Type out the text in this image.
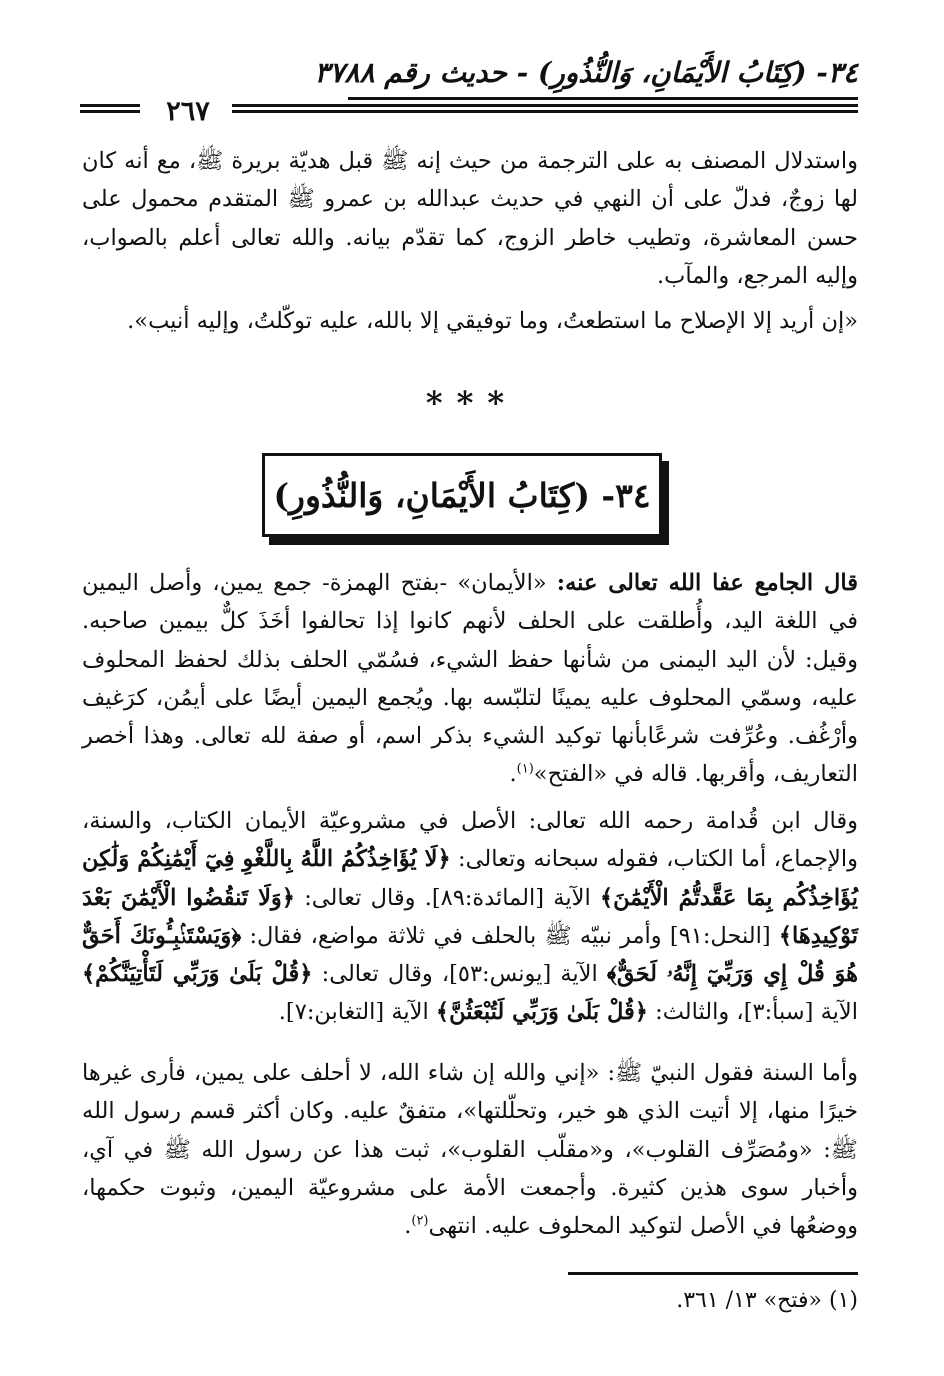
٣٤- (كِتَابُ الأَيْمَانِ، وَالنُّذُورِ) - حديث رقم ٣٧٨٨
٢٦٧
واستدلال المصنف به على الترجمة من حيث إنه ﷺ قبل هديّة بريرة ﷺ، مع أنه كان لها زوجٌ، فدلّ على أن النهي في حديث عبدالله بن عمرو ﷺ المتقدم محمول على حسن المعاشرة، وتطيب خاطر الزوج، كما تقدّم بيانه. والله تعالى أعلم بالصواب، وإليه المرجع، والمآب.
«إن أريد إلا الإصلاح ما استطعتُ، وما توفيقي إلا بالله، عليه توكّلتُ، وإليه أنيب».
***
٣٤- (كِتَابُ الأَيْمَانِ، وَالنُّذُورِ)
قال الجامع عفا الله تعالى عنه: «الأيمان» -بفتح الهمزة- جمع يمين، وأصل اليمين في اللغة اليد، وأُطلقت على الحلف لأنهم كانوا إذا تحالفوا أخَذَ كلٌّ بيمين صاحبه. وقيل: لأن اليد اليمنى من شأنها حفظ الشيء، فسُمّي الحلف بذلك لحفظ المحلوف عليه، وسمّي المحلوف عليه يمينًا لتلبّسه بها. ويُجمع اليمين أيضًا على أيمُن، كرَغيف وأرْغُف. وعُرِّفت شرعًابأنها توكيد الشيء بذكر اسم، أو صفة لله تعالى. وهذا أخصر التعاريف، وأقربها. قاله في «الفتح»$^{(١)}$.
وقال ابن قُدامة رحمه الله تعالى: الأصل في مشروعيّة الأيمان الكتاب، والسنة، والإجماع، أما الكتاب، فقوله سبحانه وتعالى: ﴿لَا يُؤَاخِذُكُمُ اللَّهُ بِاللَّغْوِ فِيٓ أَيْمَٰنِكُمْ وَلَٰكِن يُؤَاخِذُكُم بِمَا عَقَّدتُّمُ الْأَيْمَٰنَ﴾ الآية [المائدة:٨٩]. وقال تعالى: ﴿وَلَا تَنقُضُوا الْأَيْمَٰنَ بَعْدَ تَوْكِيدِهَا﴾ [النحل:٩١] وأمر نبيّه ﷺ بالحلف في ثلاثة مواضع، فقال: ﴿وَيَسْتَنۢبِـُٔونَكَ أَحَقٌّ هُوَ قُلْ إِي وَرَبِّيٓ إِنَّهُۥ لَحَقٌّ﴾ الآية [يونس:٥٣]، وقال تعالى: ﴿قُلْ بَلَىٰ وَرَبِّي لَتَأْتِيَنَّكُمْ﴾ الآية [سبأ:٣]، والثالث: ﴿قُلْ بَلَىٰ وَرَبِّي لَتُبْعَثُنَّ﴾ الآية [التغابن:٧].
وأما السنة فقول النبيّ ﷺ: «إني والله إن شاء الله، لا أحلف على يمين، فأرى غيرها خيرًا منها، إلا أتيت الذي هو خير، وتحلّلتها»، متفقٌ عليه. وكان أكثر قسم رسول الله ﷺ: «ومُصَرِّف القلوب»، و«مقلّب القلوب»، ثبت هذا عن رسول الله ﷺ في آي، وأخبار سوى هذين كثيرة. وأجمعت الأمة على مشروعيّة اليمين، وثبوت حكمها، ووضعُها في الأصل لتوكيد المحلوف عليه. انتهى$^{(٢)}$.
(١) «فتح» ١٣/ ٣٦١.
